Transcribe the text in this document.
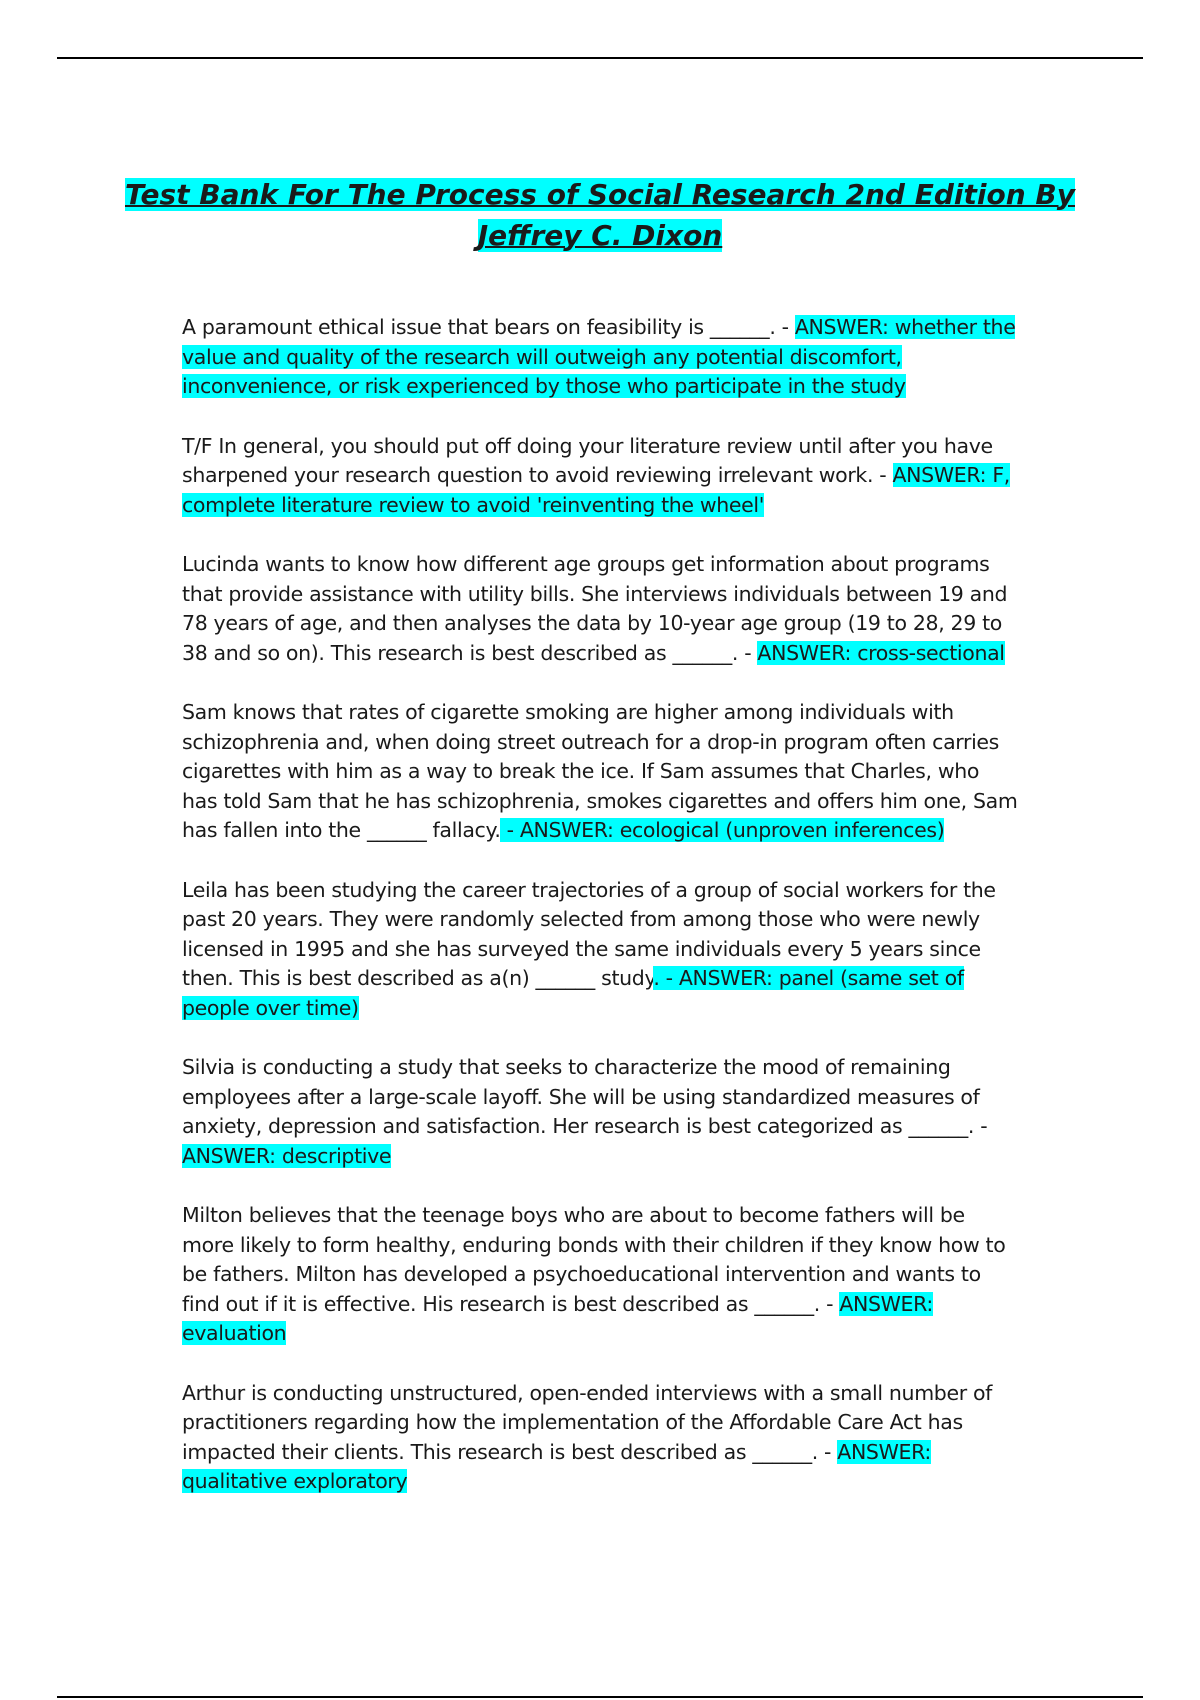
Test Bank For The Process of Social Research 2nd Edition By
Jeffrey C. Dixon

A paramount ethical issue that bears on feasibility is ______. - ANSWER: whether the value and quality of the research will outweigh any potential discomfort, inconvenience, or risk experienced by those who participate in the study

T/F In general, you should put off doing your literature review until after you have sharpened your research question to avoid reviewing irrelevant work. - ANSWER: F, complete literature review to avoid 'reinventing the wheel'

Lucinda wants to know how different age groups get information about programs that provide assistance with utility bills. She interviews individuals between 19 and 78 years of age, and then analyses the data by 10-year age group (19 to 28, 29 to 38 and so on). This research is best described as ______. - ANSWER: cross-sectional

Sam knows that rates of cigarette smoking are higher among individuals with schizophrenia and, when doing street outreach for a drop-in program often carries cigarettes with him as a way to break the ice. If Sam assumes that Charles, who has told Sam that he has schizophrenia, smokes cigarettes and offers him one, Sam has fallen into the ______ fallacy. - ANSWER: ecological (unproven inferences)

Leila has been studying the career trajectories of a group of social workers for the past 20 years. They were randomly selected from among those who were newly licensed in 1995 and she has surveyed the same individuals every 5 years since then. This is best described as a(n) ______ study. - ANSWER: panel (same set of people over time)

Silvia is conducting a study that seeks to characterize the mood of remaining employees after a large-scale layoff. She will be using standardized measures of anxiety, depression and satisfaction. Her research is best categorized as ______. - ANSWER: descriptive

Milton believes that the teenage boys who are about to become fathers will be more likely to form healthy, enduring bonds with their children if they know how to be fathers. Milton has developed a psychoeducational intervention and wants to find out if it is effective. His research is best described as ______. - ANSWER: evaluation

Arthur is conducting unstructured, open-ended interviews with a small number of practitioners regarding how the implementation of the Affordable Care Act has impacted their clients. This research is best described as ______. - ANSWER: qualitative exploratory
